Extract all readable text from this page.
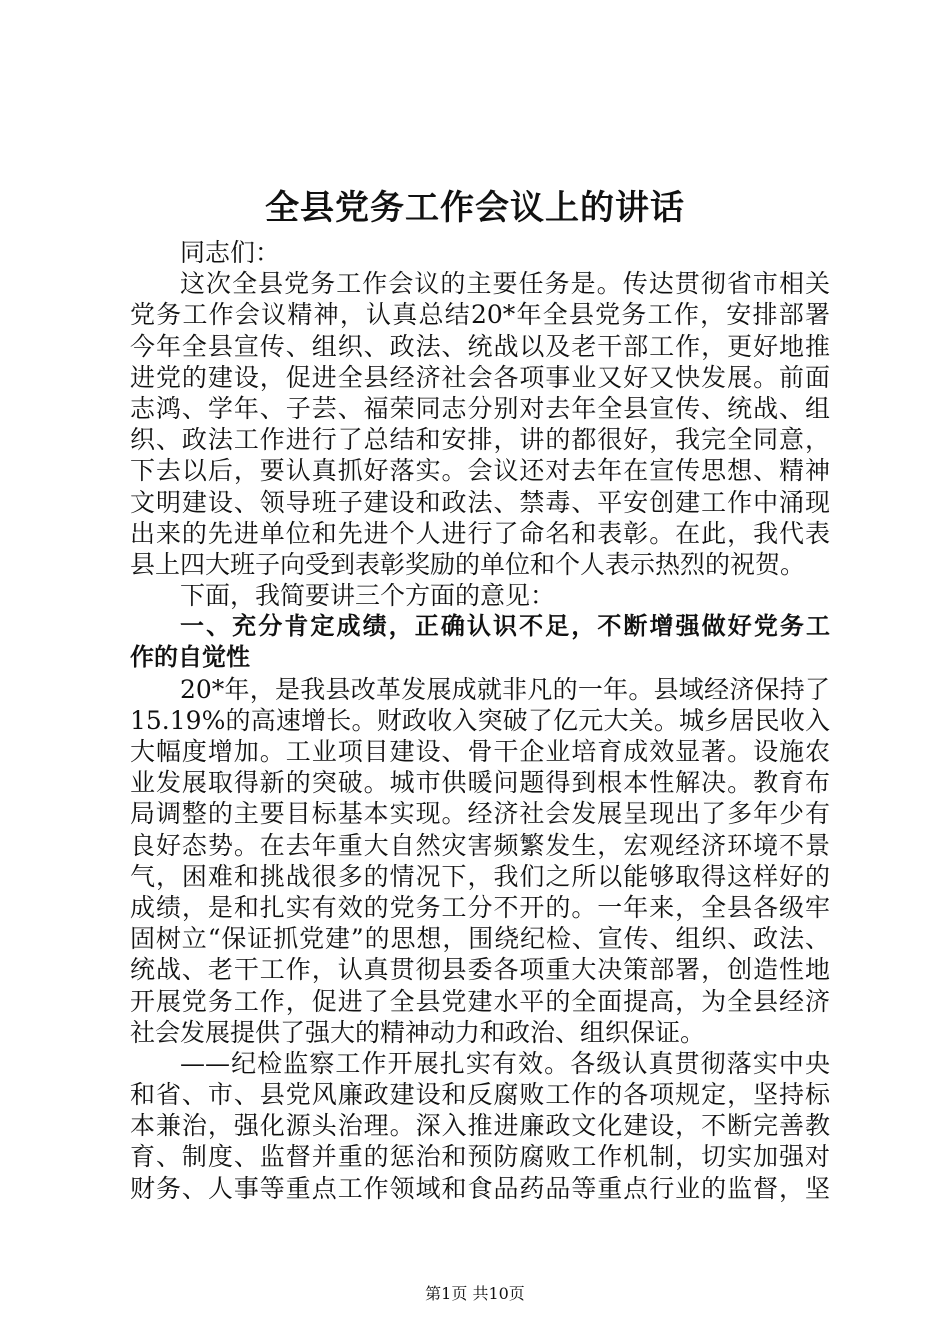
全县党务工作会议上的讲话
同志们：
这次全县党务工作会议的主要任务是。传达贯彻省市相关
党务工作会议精神，认真总结20*年全县党务工作，安排部署
今年全县宣传、组织、政法、统战以及老干部工作，更好地推
进党的建设，促进全县经济社会各项事业又好又快发展。前面
志鸿、学年、子芸、福荣同志分别对去年全县宣传、统战、组
织、政法工作进行了总结和安排，讲的都很好，我完全同意，
下去以后，要认真抓好落实。会议还对去年在宣传思想、精神
文明建设、领导班子建设和政法、禁毒、平安创建工作中涌现
出来的先进单位和先进个人进行了命名和表彰。在此，我代表
县上四大班子向受到表彰奖励的单位和个人表示热烈的祝贺。
下面，我简要讲三个方面的意见：
一、充分肯定成绩，正确认识不足，不断增强做好党务工
作的自觉性
20*年，是我县改革发展成就非凡的一年。县域经济保持了
15.19%的高速增长。财政收入突破了亿元大关。城乡居民收入
大幅度增加。工业项目建设、骨干企业培育成效显著。设施农
业发展取得新的突破。城市供暖问题得到根本性解决。教育布
局调整的主要目标基本实现。经济社会发展呈现出了多年少有
良好态势。在去年重大自然灾害频繁发生，宏观经济环境不景
气，困难和挑战很多的情况下，我们之所以能够取得这样好的
成绩，是和扎实有效的党务工分不开的。一年来，全县各级牢
固树立“保证抓党建”的思想，围绕纪检、宣传、组织、政法、
统战、老干工作，认真贯彻县委各项重大决策部署，创造性地
开展党务工作，促进了全县党建水平的全面提高，为全县经济
社会发展提供了强大的精神动力和政治、组织保证。
——纪检监察工作开展扎实有效。各级认真贯彻落实中央
和省、市、县党风廉政建设和反腐败工作的各项规定，坚持标
本兼治，强化源头治理。深入推进廉政文化建设，不断完善教
育、制度、监督并重的惩治和预防腐败工作机制，切实加强对
财务、人事等重点工作领域和食品药品等重点行业的监督，坚
第1页 共10页
